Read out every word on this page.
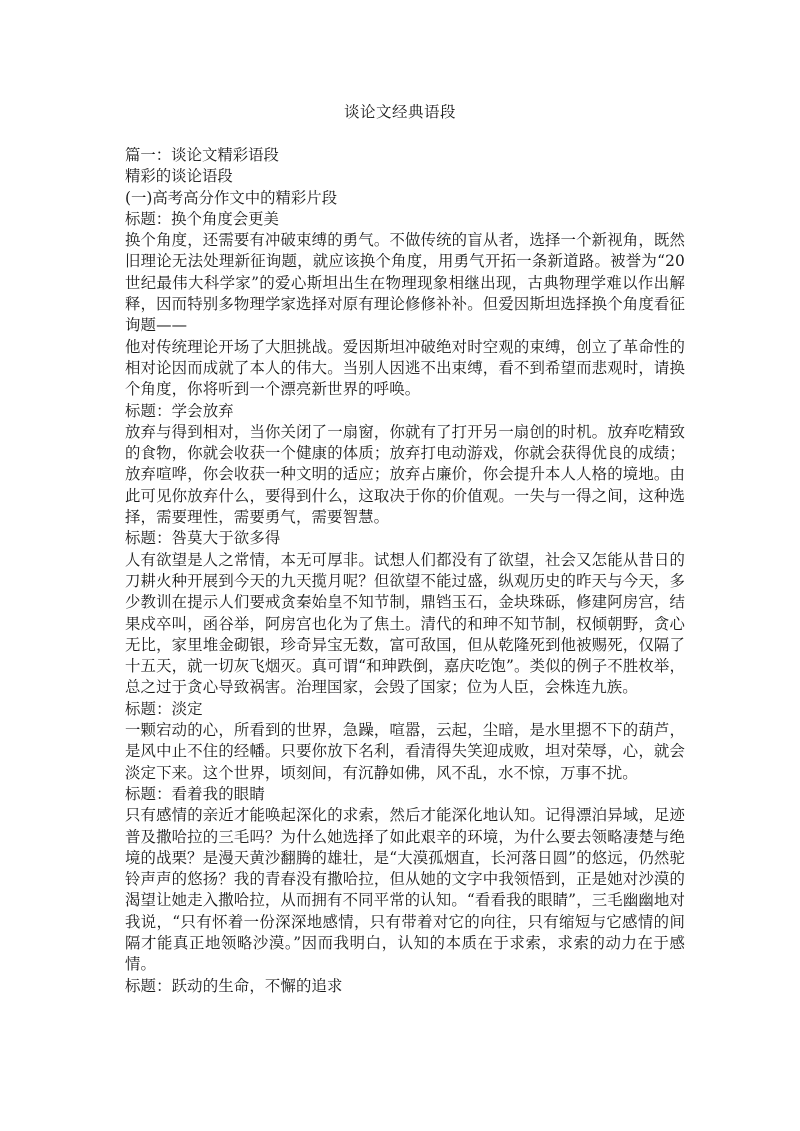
谈论文经典语段

篇一：谈论文精彩语段

精彩的谈论语段

(一)高考高分作文中的精彩片段

标题：换个角度会更美

换个角度，还需要有冲破束缚的勇气。不做传统的盲从者，选择一个新视角，既然旧理论无法处理新征询题，就应该换个角度，用勇气开拓一条新道路。被誉为“20世纪最伟大科学家”的爱心斯坦出生在物理现象相继出现，古典物理学难以作出解释，因而特别多物理学家选择对原有理论修修补补。但爱因斯坦选择换个角度看征询题——

他对传统理论开场了大胆挑战。爱因斯坦冲破绝对时空观的束缚，创立了革命性的相对论因而成就了本人的伟大。当别人因逃不出束缚，看不到希望而悲观时，请换个角度，你将听到一个漂亮新世界的呼唤。

标题：学会放弃

放弃与得到相对，当你关闭了一扇窗，你就有了打开另一扇创的时机。放弃吃精致的食物，你就会收获一个健康的体质；放弃打电动游戏，你就会获得优良的成绩；放弃喧哗，你会收获一种文明的适应；放弃占廉价，你会提升本人人格的境地。由此可见你放弃什么，要得到什么，这取决于你的价值观。一失与一得之间，这种选择，需要理性，需要勇气，需要智慧。

标题：咎莫大于欲多得

人有欲望是人之常情，本无可厚非。试想人们都没有了欲望，社会又怎能从昔日的刀耕火种开展到今天的九天揽月呢？但欲望不能过盛，纵观历史的昨天与今天，多少教训在提示人们要戒贪秦始皇不知节制，鼎铛玉石，金块珠砾，修建阿房宫，结果戍卒叫，函谷举，阿房宫也化为了焦土。清代的和珅不知节制，权倾朝野，贪心无比，家里堆金砌银，珍奇异宝无数，富可敌国，但从乾隆死到他被赐死，仅隔了十五天，就一切灰飞烟灭。真可谓“和珅跌倒，嘉庆吃饱”。类似的例子不胜枚举，总之过于贪心导致祸害。治理国家，会毁了国家；位为人臣，会株连九族。

标题：淡定

一颗宕动的心，所看到的世界，急躁，喧嚣，云起，尘暗，是水里摁不下的葫芦，是风中止不住的经幡。只要你放下名利，看清得失笑迎成败，坦对荣辱，心，就会淡定下来。这个世界，顷刻间，有沉静如佛，风不乱，水不惊，万事不扰。

标题：看着我的眼睛

只有感情的亲近才能唤起深化的求索，然后才能深化地认知。记得漂泊异域，足迹普及撒哈拉的三毛吗？为什么她选择了如此艰辛的环境，为什么要去领略凄楚与绝境的战栗？是漫天黄沙翻腾的雄壮，是“大漠孤烟直，长河落日圆”的悠远，仍然驼铃声声的悠扬？我的青春没有撒哈拉，但从她的文字中我领悟到，正是她对沙漠的渴望让她走入撒哈拉，从而拥有不同平常的认知。“看看我的眼睛”，三毛幽幽地对我说，“只有怀着一份深深地感情，只有带着对它的向往，只有缩短与它感情的间隔才能真正地领略沙漠。”因而我明白，认知的本质在于求索，求索的动力在于感情。

标题：跃动的生命，不懈的追求
